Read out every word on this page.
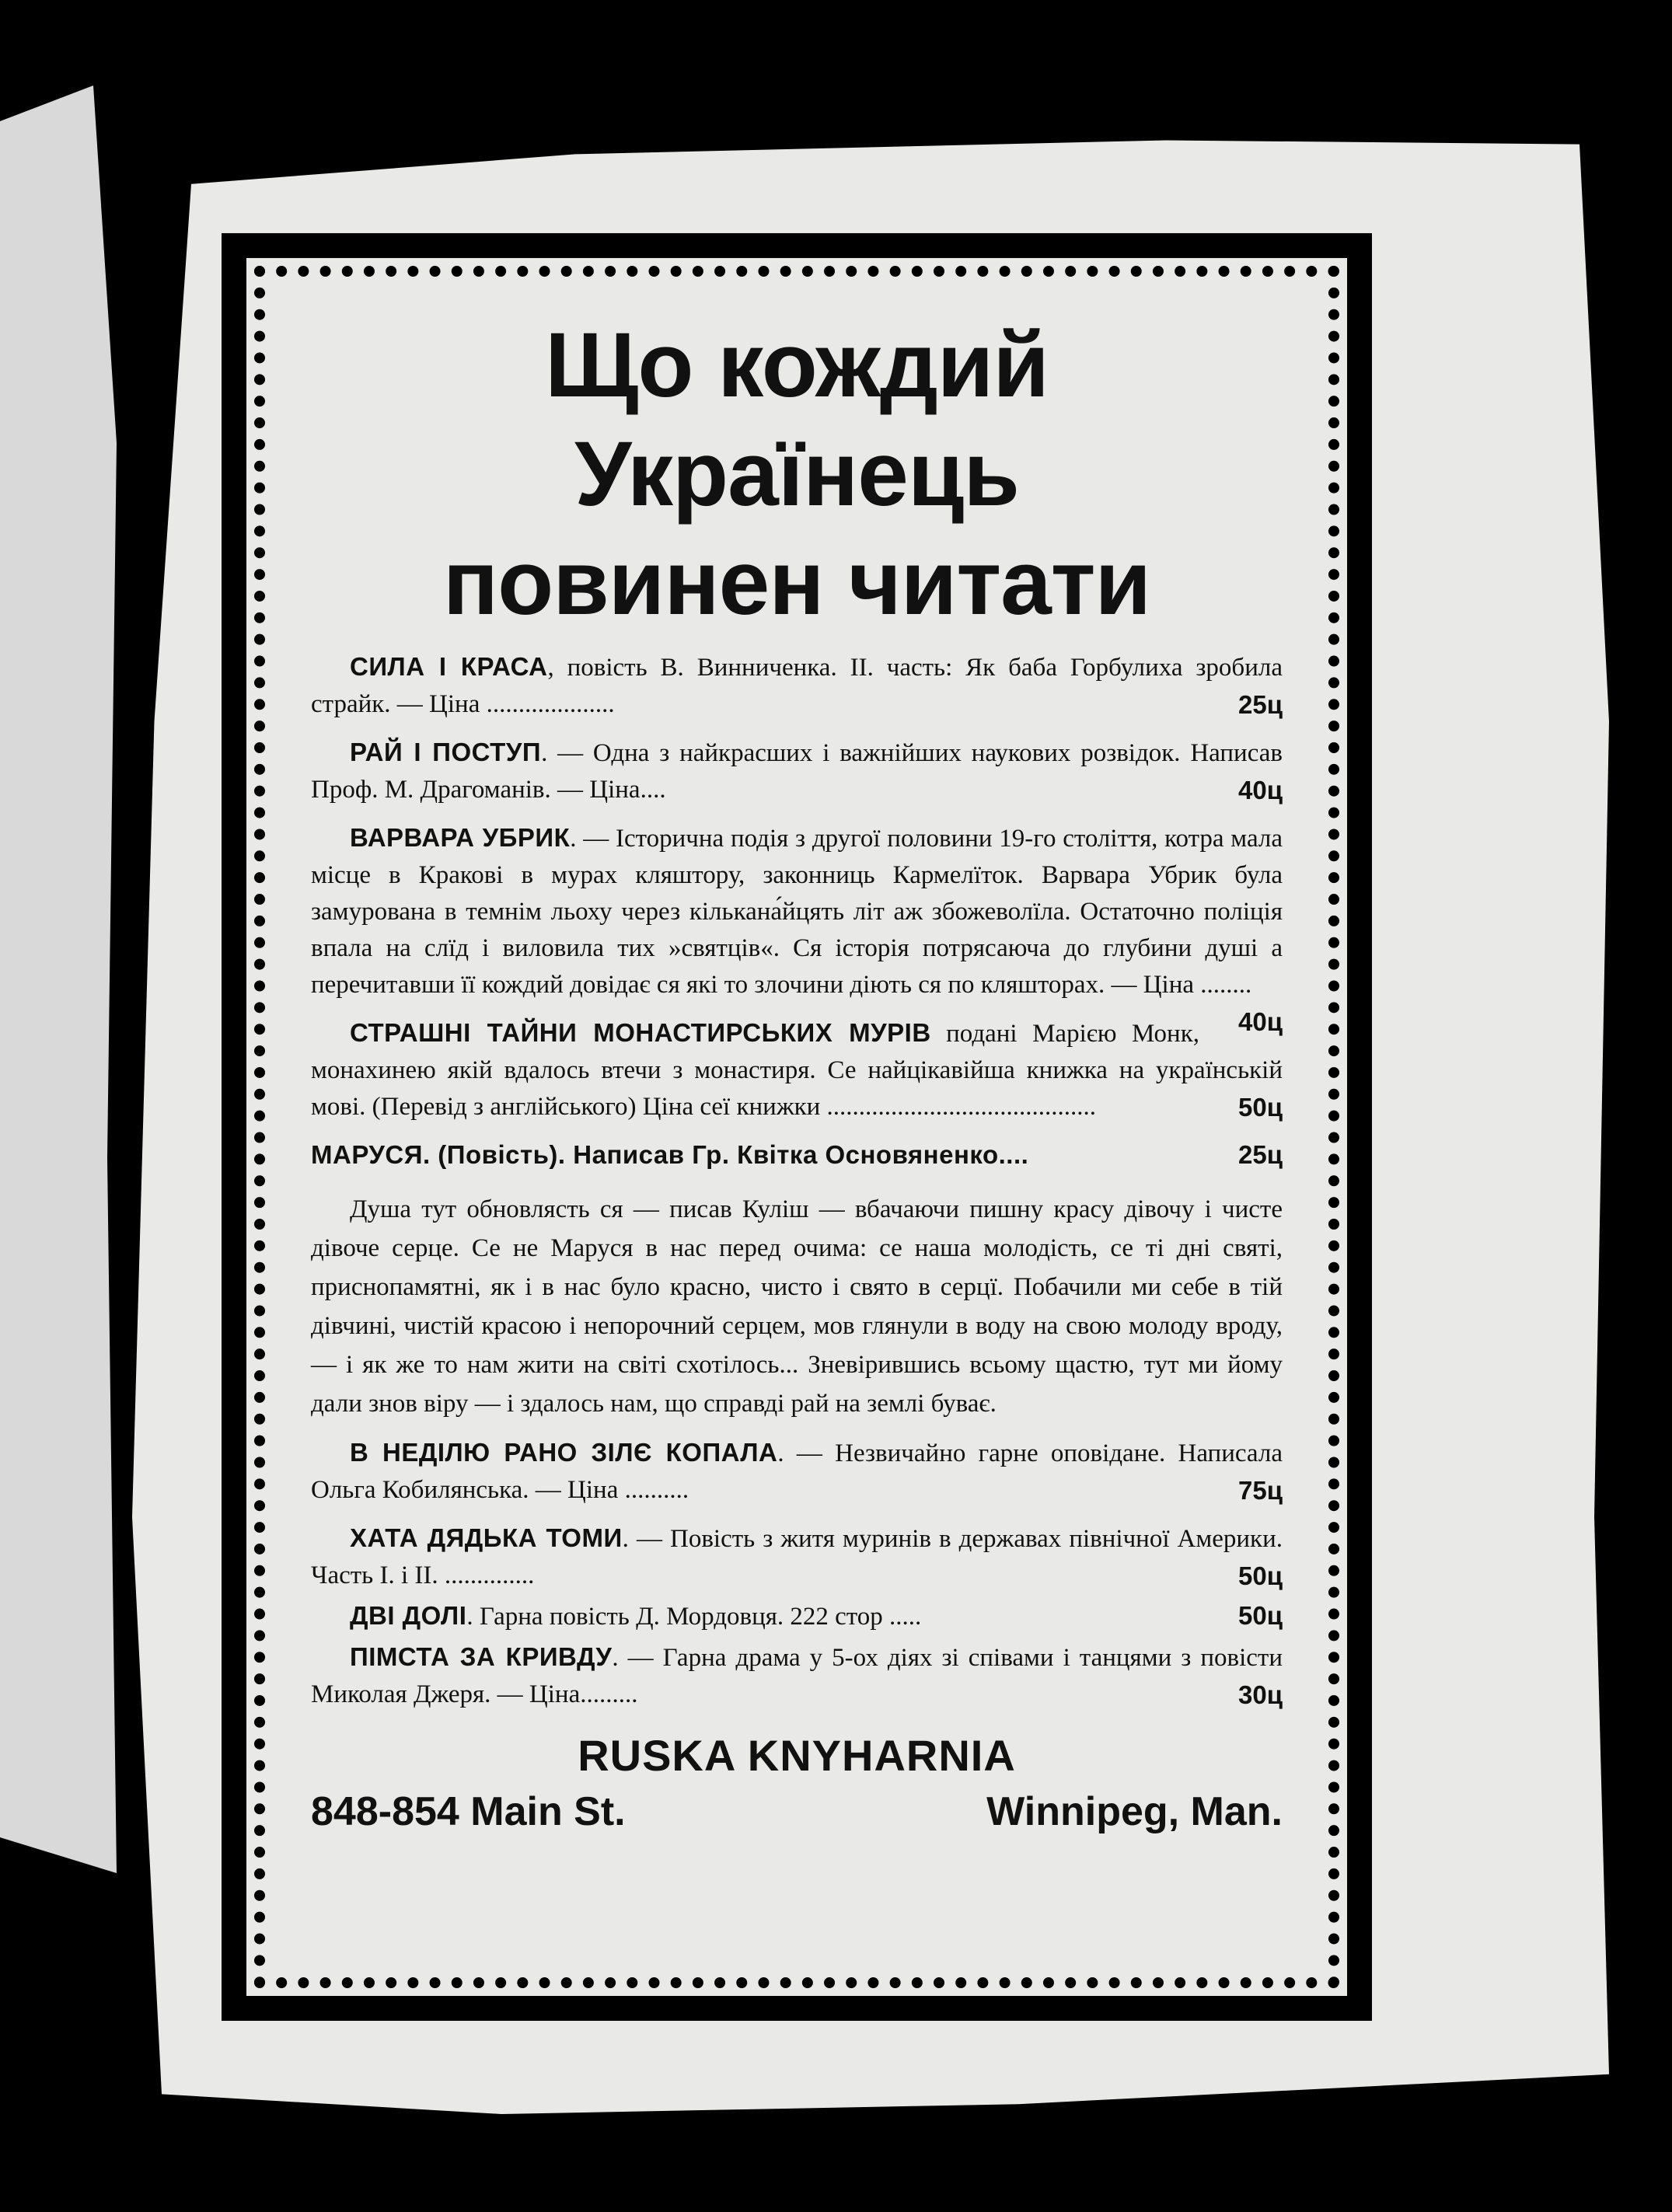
Що кождий Українець
повинен читати

СИЛА І КРАСА, повість В. Винниченка. ІІ. часть: Як баба Горбулиха зробила страйк. — Ціна ....................	25ц

РАЙ І ПОСТУП. — Одна з найкрасших і важнійших наукових розвідок. Написав Проф. М. Драгоманів. — Ціна....	40ц

ВАРВАРА УБРИК. — Історична подія з другої половини 19-го століття, котра мала місце в Кракові в мурах кляштору, законниць Кармелїток. Варвара Убрик була замурована в темнім льоху через кількана́йцять літ аж збожеволїла. Остаточно поліція впала на слїд і виловила тих »святців«. Ся історія потрясаюча до глубини душі а перечитавши її кождий довідає ся які то злочини діють ся по кляшторах. — Ціна ........
40ц

СТРАШНІ ТАЙНИ МОНАСТИРСЬКИХ МУРІВ подані Марією Монк, монахинею якій вдалось втечи з монастиря. Се найцікавійша книжка на українській мові. (Перевід з англійського) Ціна сеї книжки ..........................................	50ц

МАРУСЯ. (Повість). Написав Гр. Квітка Основяненко....	25ц

Душа тут обновлясть ся — писав Куліш — вбачаючи пишну красу дівочу і чисте дівоче серце. Се не Маруся в нас перед очима: се наша молодість, се ті дні святі, приснопамятні, як і в нас було красно, чисто і свято в серцї. Побачили ми себе в тій дівчині, чистій красою і непорочний серцем, мов глянули в воду на свою молоду вроду, — і як же то нам жити на світі схотілось... Зневірившись всьому щастю, тут ми йому дали знов віру — і здалось нам, що справді рай на землі буває.

В НЕДІЛЮ РАНО ЗІЛЄ КОПАЛА. — Незвичайно гарне оповідане. Написала Ольга Кобилянська. — Ціна ..........	75ц

ХАТА ДЯДЬКА ТОМИ. — Повість з житя муринів в державах північної Америки. Часть І. і ІІ. ..............	50ц

ДВІ ДОЛІ. Гарна повість Д. Мордовця. 222 стор .....	50ц

ПІМСТА ЗА КРИВДУ. — Гарна драма у 5-ох діях зі співами і танцями з повісти Миколая Джеря. — Ціна.........	30ц

RUSKA KNYHARNIA
848-854 Main St.	Winnipeg, Man.
